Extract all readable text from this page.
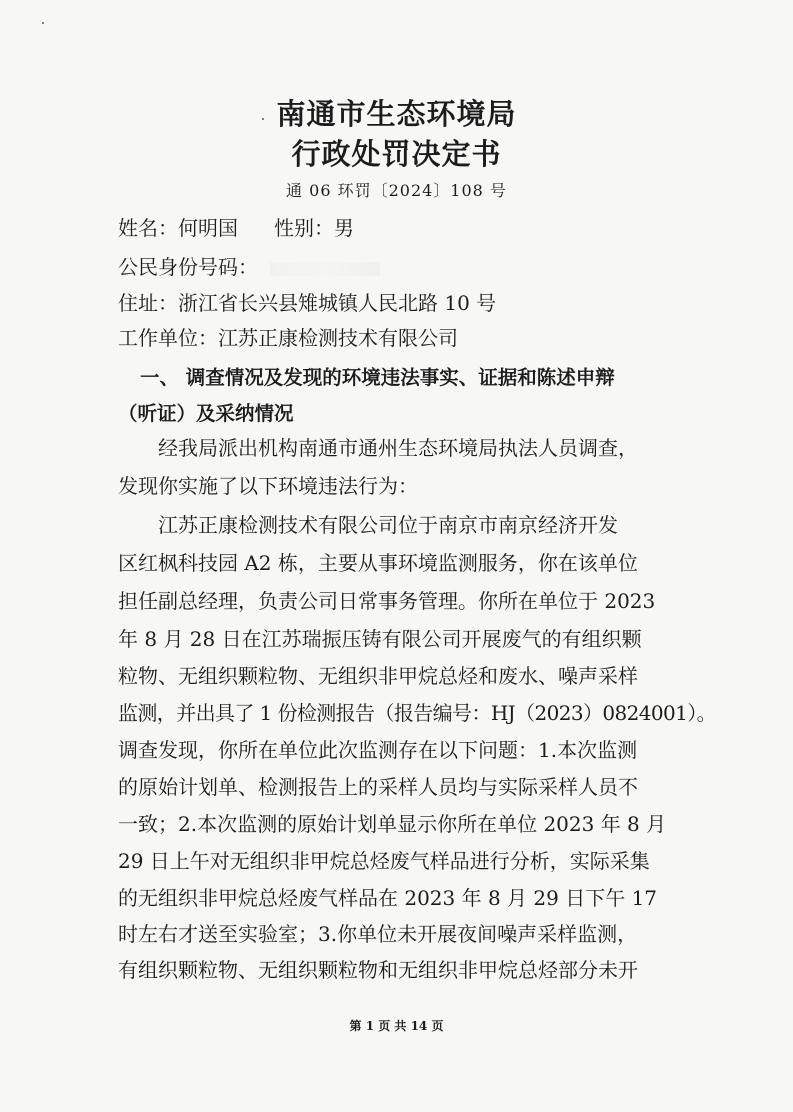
南通市生态环境局
行政处罚决定书
通 06 环罚〔2024〕108 号
姓名：何明国 性别：男
公民身份号码：
住址：浙江省长兴县雉城镇人民北路 10 号
工作单位：江苏正康检测技术有限公司
一、 调查情况及发现的环境违法事实、证据和陈述申辩
（听证）及采纳情况
　　经我局派出机构南通市通州生态环境局执法人员调查，
发现你实施了以下环境违法行为：
　　江苏正康检测技术有限公司位于南京市南京经济开发
区红枫科技园 A2 栋，主要从事环境监测服务，你在该单位
担任副总经理，负责公司日常事务管理。你所在单位于 2023
年 8 月 28 日在江苏瑞振压铸有限公司开展废气的有组织颗
粒物、无组织颗粒物、无组织非甲烷总烃和废水、噪声采样
监测，并出具了 1 份检测报告（报告编号：HJ（2023）0824001）。
调查发现，你所在单位此次监测存在以下问题：1.本次监测
的原始计划单、检测报告上的采样人员均与实际采样人员不
一致；2.本次监测的原始计划单显示你所在单位 2023 年 8 月
29 日上午对无组织非甲烷总烃废气样品进行分析，实际采集
的无组织非甲烷总烃废气样品在 2023 年 8 月 29 日下午 17
时左右才送至实验室；3.你单位未开展夜间噪声采样监测，
有组织颗粒物、无组织颗粒物和无组织非甲烷总烃部分未开
第 1 页 共 14 页
